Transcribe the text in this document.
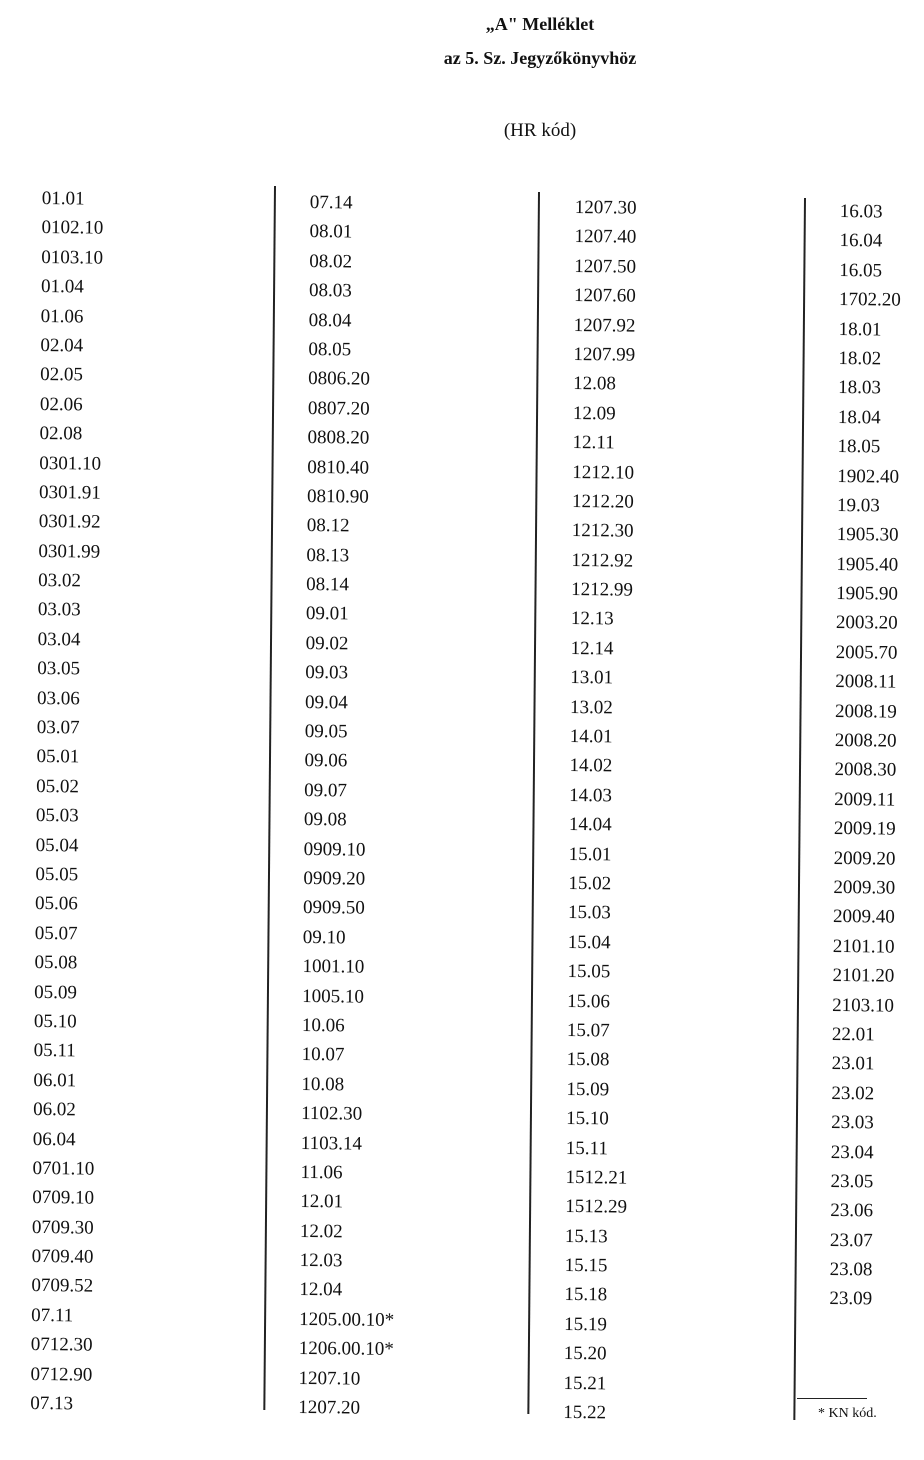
„A" Melléklet
az 5. Sz. Jegyzőkönyvhöz
(HR kód)
01.01
0102.10
0103.10
01.04
01.06
02.04
02.05
02.06
02.08
0301.10
0301.91
0301.92
0301.99
03.02
03.03
03.04
03.05
03.06
03.07
05.01
05.02
05.03
05.04
05.05
05.06
05.07
05.08
05.09
05.10
05.11
06.01
06.02
06.04
0701.10
0709.10
0709.30
0709.40
0709.52
07.11
0712.30
0712.90
07.13
07.14
08.01
08.02
08.03
08.04
08.05
0806.20
0807.20
0808.20
0810.40
0810.90
08.12
08.13
08.14
09.01
09.02
09.03
09.04
09.05
09.06
09.07
09.08
0909.10
0909.20
0909.50
09.10
1001.10
1005.10
10.06
10.07
10.08
1102.30
1103.14
11.06
12.01
12.02
12.03
12.04
1205.00.10*
1206.00.10*
1207.10
1207.20
1207.30
1207.40
1207.50
1207.60
1207.92
1207.99
12.08
12.09
12.11
1212.10
1212.20
1212.30
1212.92
1212.99
12.13
12.14
13.01
13.02
14.01
14.02
14.03
14.04
15.01
15.02
15.03
15.04
15.05
15.06
15.07
15.08
15.09
15.10
15.11
1512.21
1512.29
15.13
15.15
15.18
15.19
15.20
15.21
15.22
16.03
16.04
16.05
1702.20
18.01
18.02
18.03
18.04
18.05
1902.40
19.03
1905.30
1905.40
1905.90
2003.20
2005.70
2008.11
2008.19
2008.20
2008.30
2009.11
2009.19
2009.20
2009.30
2009.40
2101.10
2101.20
2103.10
22.01
23.01
23.02
23.03
23.04
23.05
23.06
23.07
23.08
23.09
* KN kód.
